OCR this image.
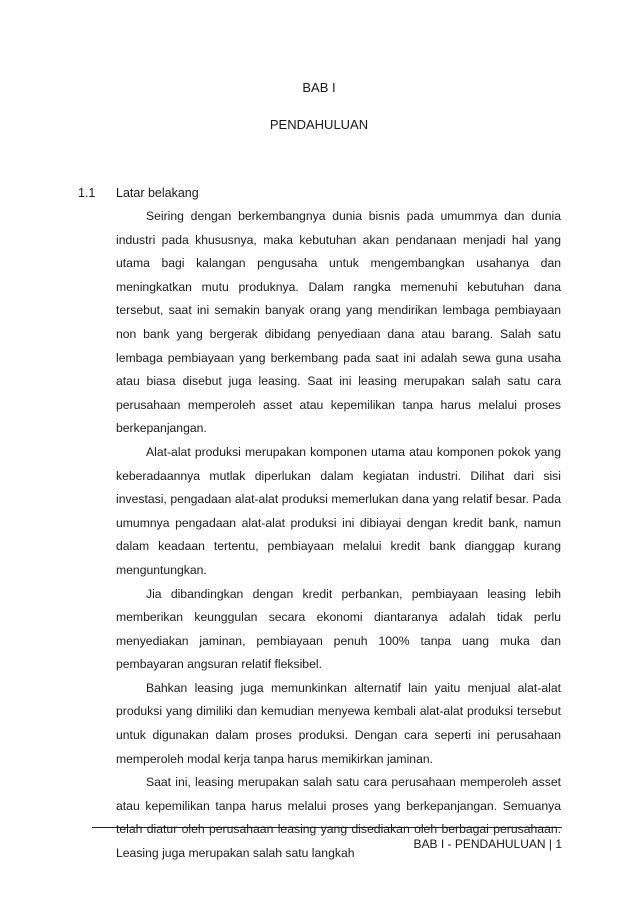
BAB I
PENDAHULUAN
1.1 Latar belakang

Seiring dengan berkembangnya dunia bisnis pada umummya dan dunia industri pada khususnya, maka kebutuhan akan pendanaan menjadi hal yang utama bagi kalangan pengusaha untuk mengembangkan usahanya dan meningkatkan mutu produknya. Dalam rangka memenuhi kebutuhan dana tersebut, saat ini semakin banyak orang yang mendirikan lembaga pembiayaan non bank yang bergerak dibidang penyediaan dana atau barang. Salah satu lembaga pembiayaan yang berkembang pada saat ini adalah sewa guna usaha atau biasa disebut juga leasing. Saat ini leasing merupakan salah satu cara perusahaan memperoleh asset atau kepemilikan tanpa harus melalui proses berkepanjangan.

Alat-alat produksi merupakan komponen utama atau komponen pokok yang keberadaannya mutlak diperlukan dalam kegiatan industri. Dilihat dari sisi investasi, pengadaan alat-alat produksi memerlukan dana yang relatif besar. Pada umumnya pengadaan alat-alat produksi ini dibiayai dengan kredit bank, namun dalam keadaan tertentu, pembiayaan melalui kredit bank dianggap kurang menguntungkan.

Jia dibandingkan dengan kredit perbankan, pembiayaan leasing lebih memberikan keunggulan secara ekonomi diantaranya adalah tidak perlu menyediakan jaminan, pembiayaan penuh 100% tanpa uang muka dan pembayaran angsuran relatif fleksibel.

Bahkan leasing juga memunkinkan alternatif lain yaitu menjual alat-alat produksi yang dimiliki dan kemudian menyewa kembali alat-alat produksi tersebut untuk digunakan dalam proses produksi. Dengan cara seperti ini perusahaan memperoleh modal kerja tanpa harus memikirkan jaminan.

Saat ini, leasing merupakan salah satu cara perusahaan memperoleh asset atau kepemilikan tanpa harus melalui proses yang berkepanjangan. Semuanya telah diatur oleh perusahaan leasing yang disediakan oleh berbagai perusahaan. Leasing juga merupakan salah satu langkah

BAB I - PENDAHULUAN | 1
